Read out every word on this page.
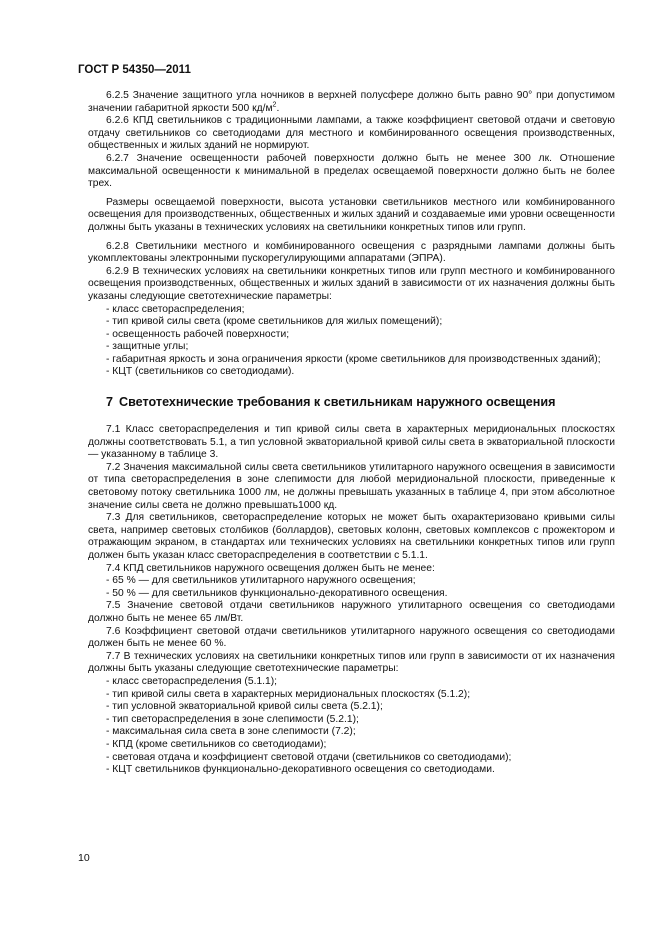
ГОСТ Р 54350—2011

6.2.5 Значение защитного угла ночников в верхней полусфере должно быть равно 90° при допустимом значении габаритной яркости 500 $кд/м^2$.

6.2.6 КПД светильников с традиционными лампами, а также коэффициент световой отдачи и световую отдачу светильников со светодиодами для местного и комбинированного освещения производственных, общественных и жилых зданий не нормируют.

6.2.7 Значение освещенности рабочей поверхности должно быть не менее 300 лк. Отношение максимальной освещенности к минимальной в пределах освещаемой поверхности должно быть не более трех.

Размеры освещаемой поверхности, высота установки светильников местного или комбинированного освещения для производственных, общественных и жилых зданий и создаваемые ими уровни освещенности должны быть указаны в технических условиях на светильники конкретных типов или групп.

6.2.8 Светильники местного и комбинированного освещения с разрядными лампами должны быть укомплектованы электронными пускорегулирующими аппаратами (ЭПРА).

6.2.9 В технических условиях на светильники конкретных типов или групп местного и комбинированного освещения производственных, общественных и жилых зданий в зависимости от их назначения должны быть указаны следующие светотехнические параметры:

- класс светораспределения;

- тип кривой силы света (кроме светильников для жилых помещений);

- освещенность рабочей поверхности;

- защитные углы;

- габаритная яркость и зона ограничения яркости (кроме светильников для производственных зданий);

- КЦТ (светильников со светодиодами).

7 Светотехнические требования к светильникам наружного освещения

7.1 Класс светораспределения и тип кривой силы света в характерных меридиональных плоскостях должны соответствовать 5.1, а тип условной экваториальной кривой силы света в экваториальной плоскости — указанному в таблице 3.

7.2 Значения максимальной силы света светильников утилитарного наружного освещения в зависимости от типа светораспределения в зоне слепимости для любой меридиональной плоскости, приведенные к световому потоку светильника 1000 лм, не должны превышать указанных в таблице 4, при этом абсолютное значение силы света не должно превышать1000 кд.

7.3 Для светильников, светораспределение которых не может быть охарактеризовано кривыми силы света, например световых столбиков (боллардов), световых колонн, световых комплексов с прожектором и отражающим экраном, в стандартах или технических условиях на светильники конкретных типов или групп должен быть указан класс светораспределения в соответствии с 5.1.1.

7.4 КПД светильников наружного освещения должен быть не менее:

- 65 % — для светильников утилитарного наружного освещения;

- 50 % — для светильников функционально-декоративного освещения.

7.5 Значение световой отдачи светильников наружного утилитарного освещения со светодиодами должно быть не менее 65 лм/Вт.

7.6 Коэффициент световой отдачи светильников утилитарного наружного освещения со светодиодами должен быть не менее 60 %.

7.7 В технических условиях на светильники конкретных типов или групп в зависимости от их назначения должны быть указаны следующие светотехнические параметры:

- класс светораспределения (5.1.1);

- тип кривой силы света в характерных меридиональных плоскостях (5.1.2);

- тип условной экваториальной кривой силы света (5.2.1);

- тип светораспределения в зоне слепимости (5.2.1);

- максимальная сила света в зоне слепимости (7.2);

- КПД (кроме светильников со светодиодами);

- световая отдача и коэффициент световой отдачи (светильников со светодиодами);

- КЦТ светильников функционально-декоративного освещения со светодиодами.

10
